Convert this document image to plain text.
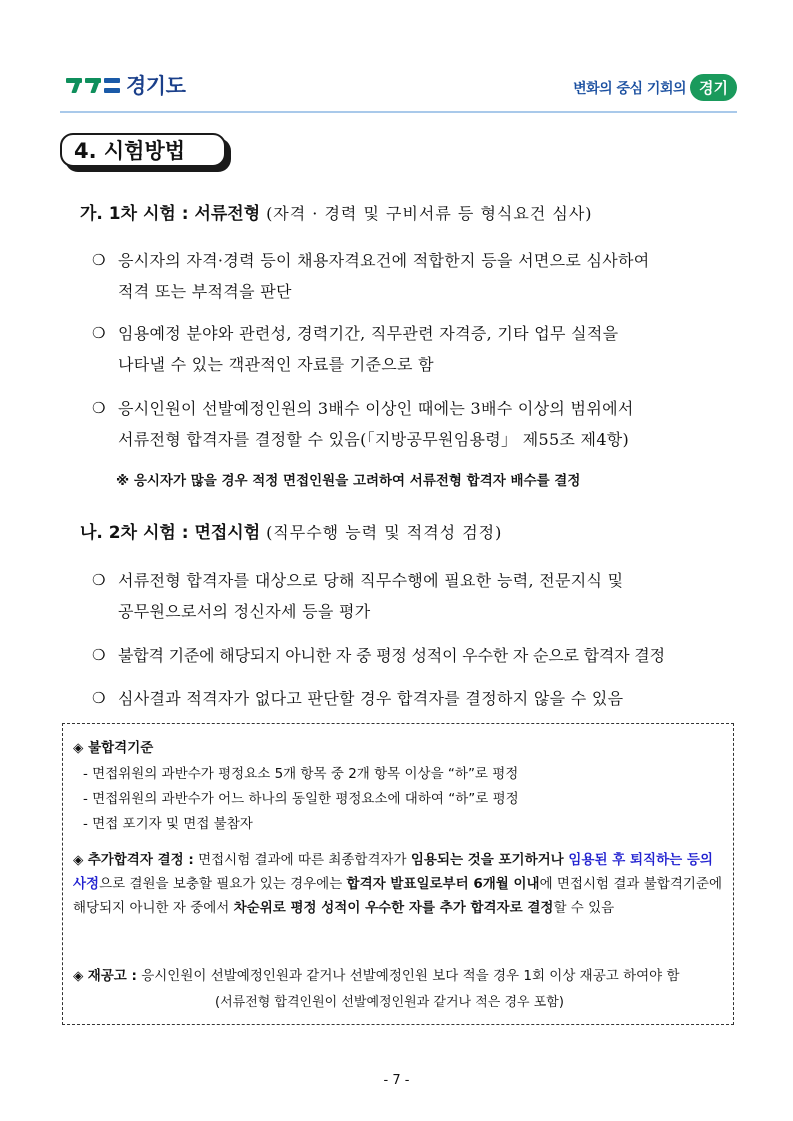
경기도	변화의 중심 기회의 경기
4. 시험방법
가. 1차 시험 : 서류전형 (자격 · 경력 및 구비서류 등 형식요건 심사)
❍ 응시자의 자격·경력 등이 채용자격요건에 적합한지 등을 서면으로 심사하여
적격 또는 부적격을 판단
❍ 임용예정 분야와 관련성, 경력기간, 직무관련 자격증, 기타 업무 실적을
나타낼 수 있는 객관적인 자료를 기준으로 함
❍ 응시인원이 선발예정인원의 3배수 이상인 때에는 3배수 이상의 범위에서
서류전형 합격자를 결정할 수 있음(「지방공무원임용령」 제55조 제4항)
※ 응시자가 많을 경우 적정 면접인원을 고려하여 서류전형 합격자 배수를 결정
나. 2차 시험 : 면접시험 (직무수행 능력 및 적격성 검정)
❍ 서류전형 합격자를 대상으로 당해 직무수행에 필요한 능력, 전문지식 및
공무원으로서의 정신자세 등을 평가
❍ 불합격 기준에 해당되지 아니한 자 중 평정 성적이 우수한 자 순으로 합격자 결정
❍ 심사결과 적격자가 없다고 판단할 경우 합격자를 결정하지 않을 수 있음
◈ 불합격기준
- 면접위원의 과반수가 평정요소 5개 항목 중 2개 항목 이상을 “하”로 평정
- 면접위원의 과반수가 어느 하나의 동일한 평정요소에 대하여 “하”로 평정
- 면접 포기자 및 면접 불참자
◈ 추가합격자 결정 : 면접시험 결과에 따른 최종합격자가 임용되는 것을 포기하거나 임용된 후 퇴직하는 등의 사정으로 결원을 보충할 필요가 있는 경우에는 합격자 발표일로부터 6개월 이내에 면접시험 결과 불합격기준에 해당되지 아니한 자 중에서 차순위로 평정 성적이 우수한 자를 추가 합격자로 결정할 수 있음
◈ 재공고 : 응시인원이 선발예정인원과 같거나 선발예정인원 보다 적을 경우 1회 이상 재공고 하여야 함
(서류전형 합격인원이 선발예정인원과 같거나 적은 경우 포함)
- 7 -
